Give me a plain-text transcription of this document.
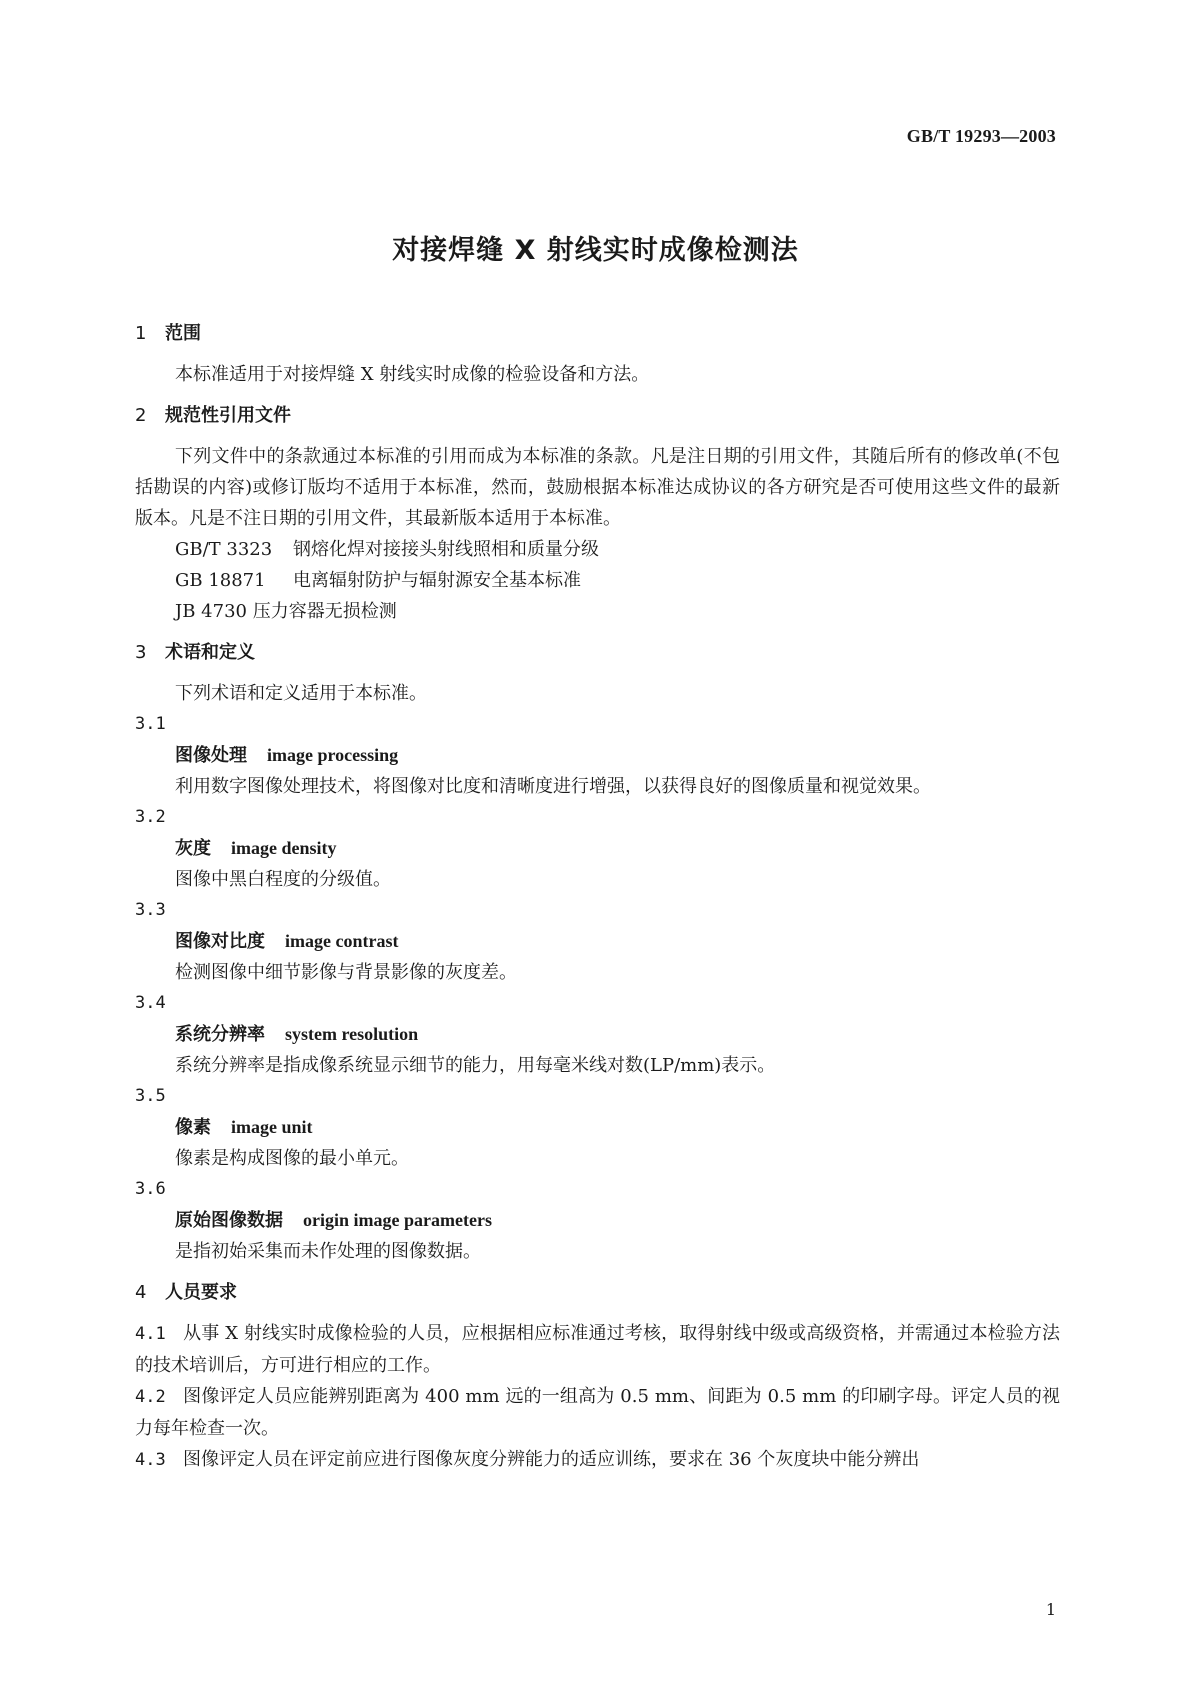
GB/T 19293—2003
对接焊缝 X 射线实时成像检测法
1 范围

本标准适用于对接焊缝 X 射线实时成像的检验设备和方法。

2 规范性引用文件

下列文件中的条款通过本标准的引用而成为本标准的条款。凡是注日期的引用文件，其随后所有的修改单(不包括勘误的内容)或修订版均不适用于本标准，然而，鼓励根据本标准达成协议的各方研究是否可使用这些文件的最新版本。凡是不注日期的引用文件，其最新版本适用于本标准。

GB/T 3323 钢熔化焊对接接头射线照相和质量分级

GB 18871 电离辐射防护与辐射源安全基本标准

JB 4730 压力容器无损检测

3 术语和定义

下列术语和定义适用于本标准。

3.1

图像处理 image processing

利用数字图像处理技术，将图像对比度和清晰度进行增强，以获得良好的图像质量和视觉效果。

3.2

灰度 image density

图像中黑白程度的分级值。

3.3

图像对比度 image contrast

检测图像中细节影像与背景影像的灰度差。

3.4

系统分辨率 system resolution

系统分辨率是指成像系统显示细节的能力，用每毫米线对数(LP/mm)表示。

3.5

像素 image unit

像素是构成图像的最小单元。

3.6

原始图像数据 origin image parameters

是指初始采集而未作处理的图像数据。

4 人员要求

4.1 从事 X 射线实时成像检验的人员，应根据相应标准通过考核，取得射线中级或高级资格，并需通过本检验方法的技术培训后，方可进行相应的工作。

4.2 图像评定人员应能辨别距离为 400 mm 远的一组高为 0.5 mm、间距为 0.5 mm 的印刷字母。评定人员的视力每年检查一次。

4.3 图像评定人员在评定前应进行图像灰度分辨能力的适应训练，要求在 36 个灰度块中能分辨出

1
